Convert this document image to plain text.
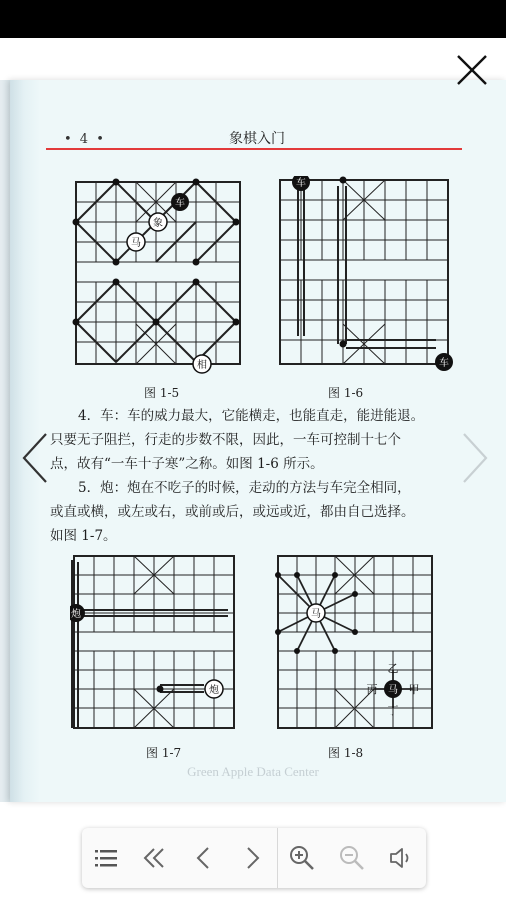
• 4 •	象棋入门
车
象
马
相
图 1-5
车
车
图 1-6
4．车：车的威力最大，它能横走，也能直走，能进能退。
只要无子阻拦，行走的步数不限，因此，一车可控制十七个
点，故有“一车十子寒”之称。如图 1-6 所示。
5．炮：炮在不吃子的时候，走动的方法与车完全相同，
或直或横，或左或右，或前或后，或远或近，都由自己选择。
如图 1-7。
炮
炮
图 1-7
马
乙
丙 马 甲
丁
图 1-8
Green Apple Data Center
